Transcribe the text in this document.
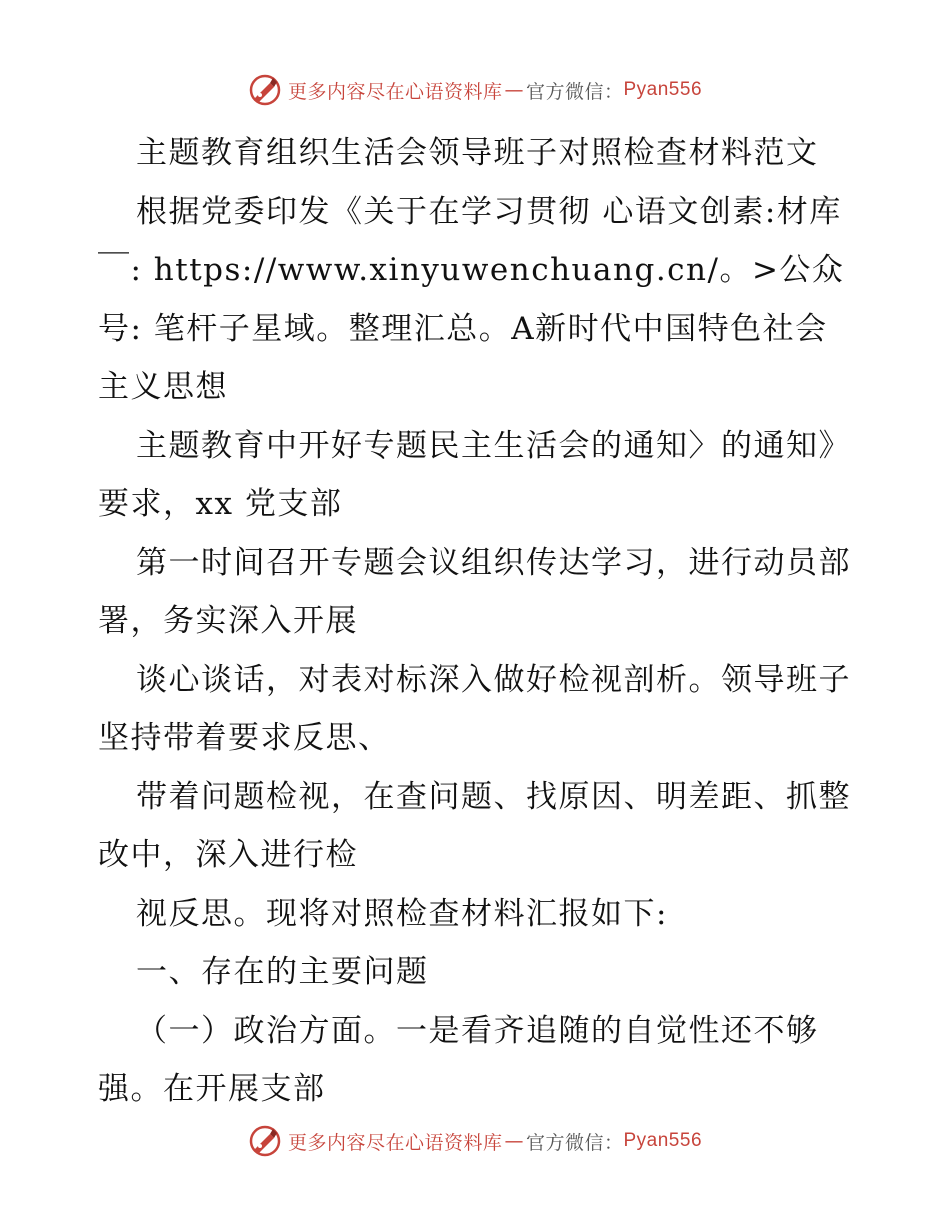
更多内容尽在心语资料库 — 官方微信： Pyan556

主题教育组织生活会领导班子对照检查材料范文

根据党委印发《关于在学习贯彻 心语文创素:材库￣: https://www.xinyuwenchuang.cn/。>公众号: 笔杆子星域。整理汇总。A新时代中国特色社会主义思想

主题教育中开好专题民主生活会的通知〉的通知》要求，xx 党支部

第一时间召开专题会议组织传达学习，进行动员部署，务实深入开展

谈心谈话，对表对标深入做好检视剖析。领导班子坚持带着要求反思、

带着问题检视，在查问题、找原因、明差距、抓整改中，深入进行检

视反思。现将对照检查材料汇报如下:

一、存在的主要问题

（一）政治方面。一是看齐追随的自觉性还不够强。在开展支部

更多内容尽在心语资料库 — 官方微信： Pyan556
